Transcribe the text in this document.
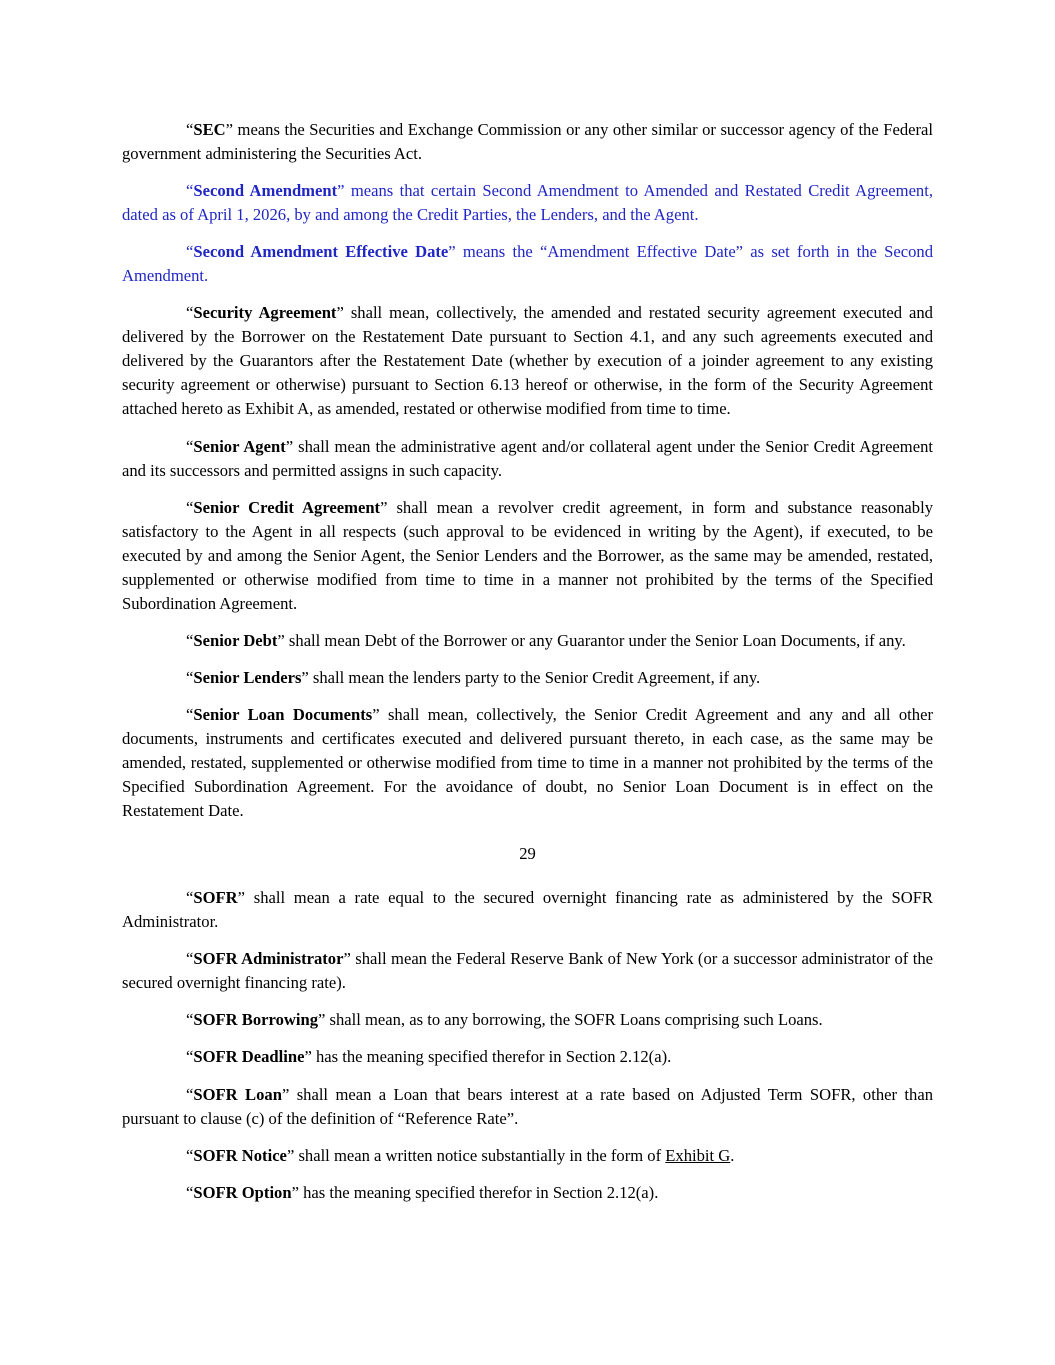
“SEC” means the Securities and Exchange Commission or any other similar or successor agency of the Federal government administering the Securities Act.

“Second Amendment” means that certain Second Amendment to Amended and Restated Credit Agreement, dated as of April 1, 2026, by and among the Credit Parties, the Lenders, and the Agent.

“Second Amendment Effective Date” means the “Amendment Effective Date” as set forth in the Second Amendment.

“Security Agreement” shall mean, collectively, the amended and restated security agreement executed and delivered by the Borrower on the Restatement Date pursuant to Section 4.1, and any such agreements executed and delivered by the Guarantors after the Restatement Date (whether by execution of a joinder agreement to any existing security agreement or otherwise) pursuant to Section 6.13 hereof or otherwise, in the form of the Security Agreement attached hereto as Exhibit A, as amended, restated or otherwise modified from time to time.

“Senior Agent” shall mean the administrative agent and/or collateral agent under the Senior Credit Agreement and its successors and permitted assigns in such capacity.

“Senior Credit Agreement” shall mean a revolver credit agreement, in form and substance reasonably satisfactory to the Agent in all respects (such approval to be evidenced in writing by the Agent), if executed, to be executed by and among the Senior Agent, the Senior Lenders and the Borrower, as the same may be amended, restated, supplemented or otherwise modified from time to time in a manner not prohibited by the terms of the Specified Subordination Agreement.

“Senior Debt” shall mean Debt of the Borrower or any Guarantor under the Senior Loan Documents, if any.

“Senior Lenders” shall mean the lenders party to the Senior Credit Agreement, if any.

“Senior Loan Documents” shall mean, collectively, the Senior Credit Agreement and any and all other documents, instruments and certificates executed and delivered pursuant thereto, in each case, as the same may be amended, restated, supplemented or otherwise modified from time to time in a manner not prohibited by the terms of the Specified Subordination Agreement. For the avoidance of doubt, no Senior Loan Document is in effect on the Restatement Date.

29

“SOFR” shall mean a rate equal to the secured overnight financing rate as administered by the SOFR Administrator.

“SOFR Administrator” shall mean the Federal Reserve Bank of New York (or a successor administrator of the secured overnight financing rate).

“SOFR Borrowing” shall mean, as to any borrowing, the SOFR Loans comprising such Loans.

“SOFR Deadline” has the meaning specified therefor in Section 2.12(a).

“SOFR Loan” shall mean a Loan that bears interest at a rate based on Adjusted Term SOFR, other than pursuant to clause (c) of the definition of “Reference Rate”.

“SOFR Notice” shall mean a written notice substantially in the form of Exhibit G.

“SOFR Option” has the meaning specified therefor in Section 2.12(a).
